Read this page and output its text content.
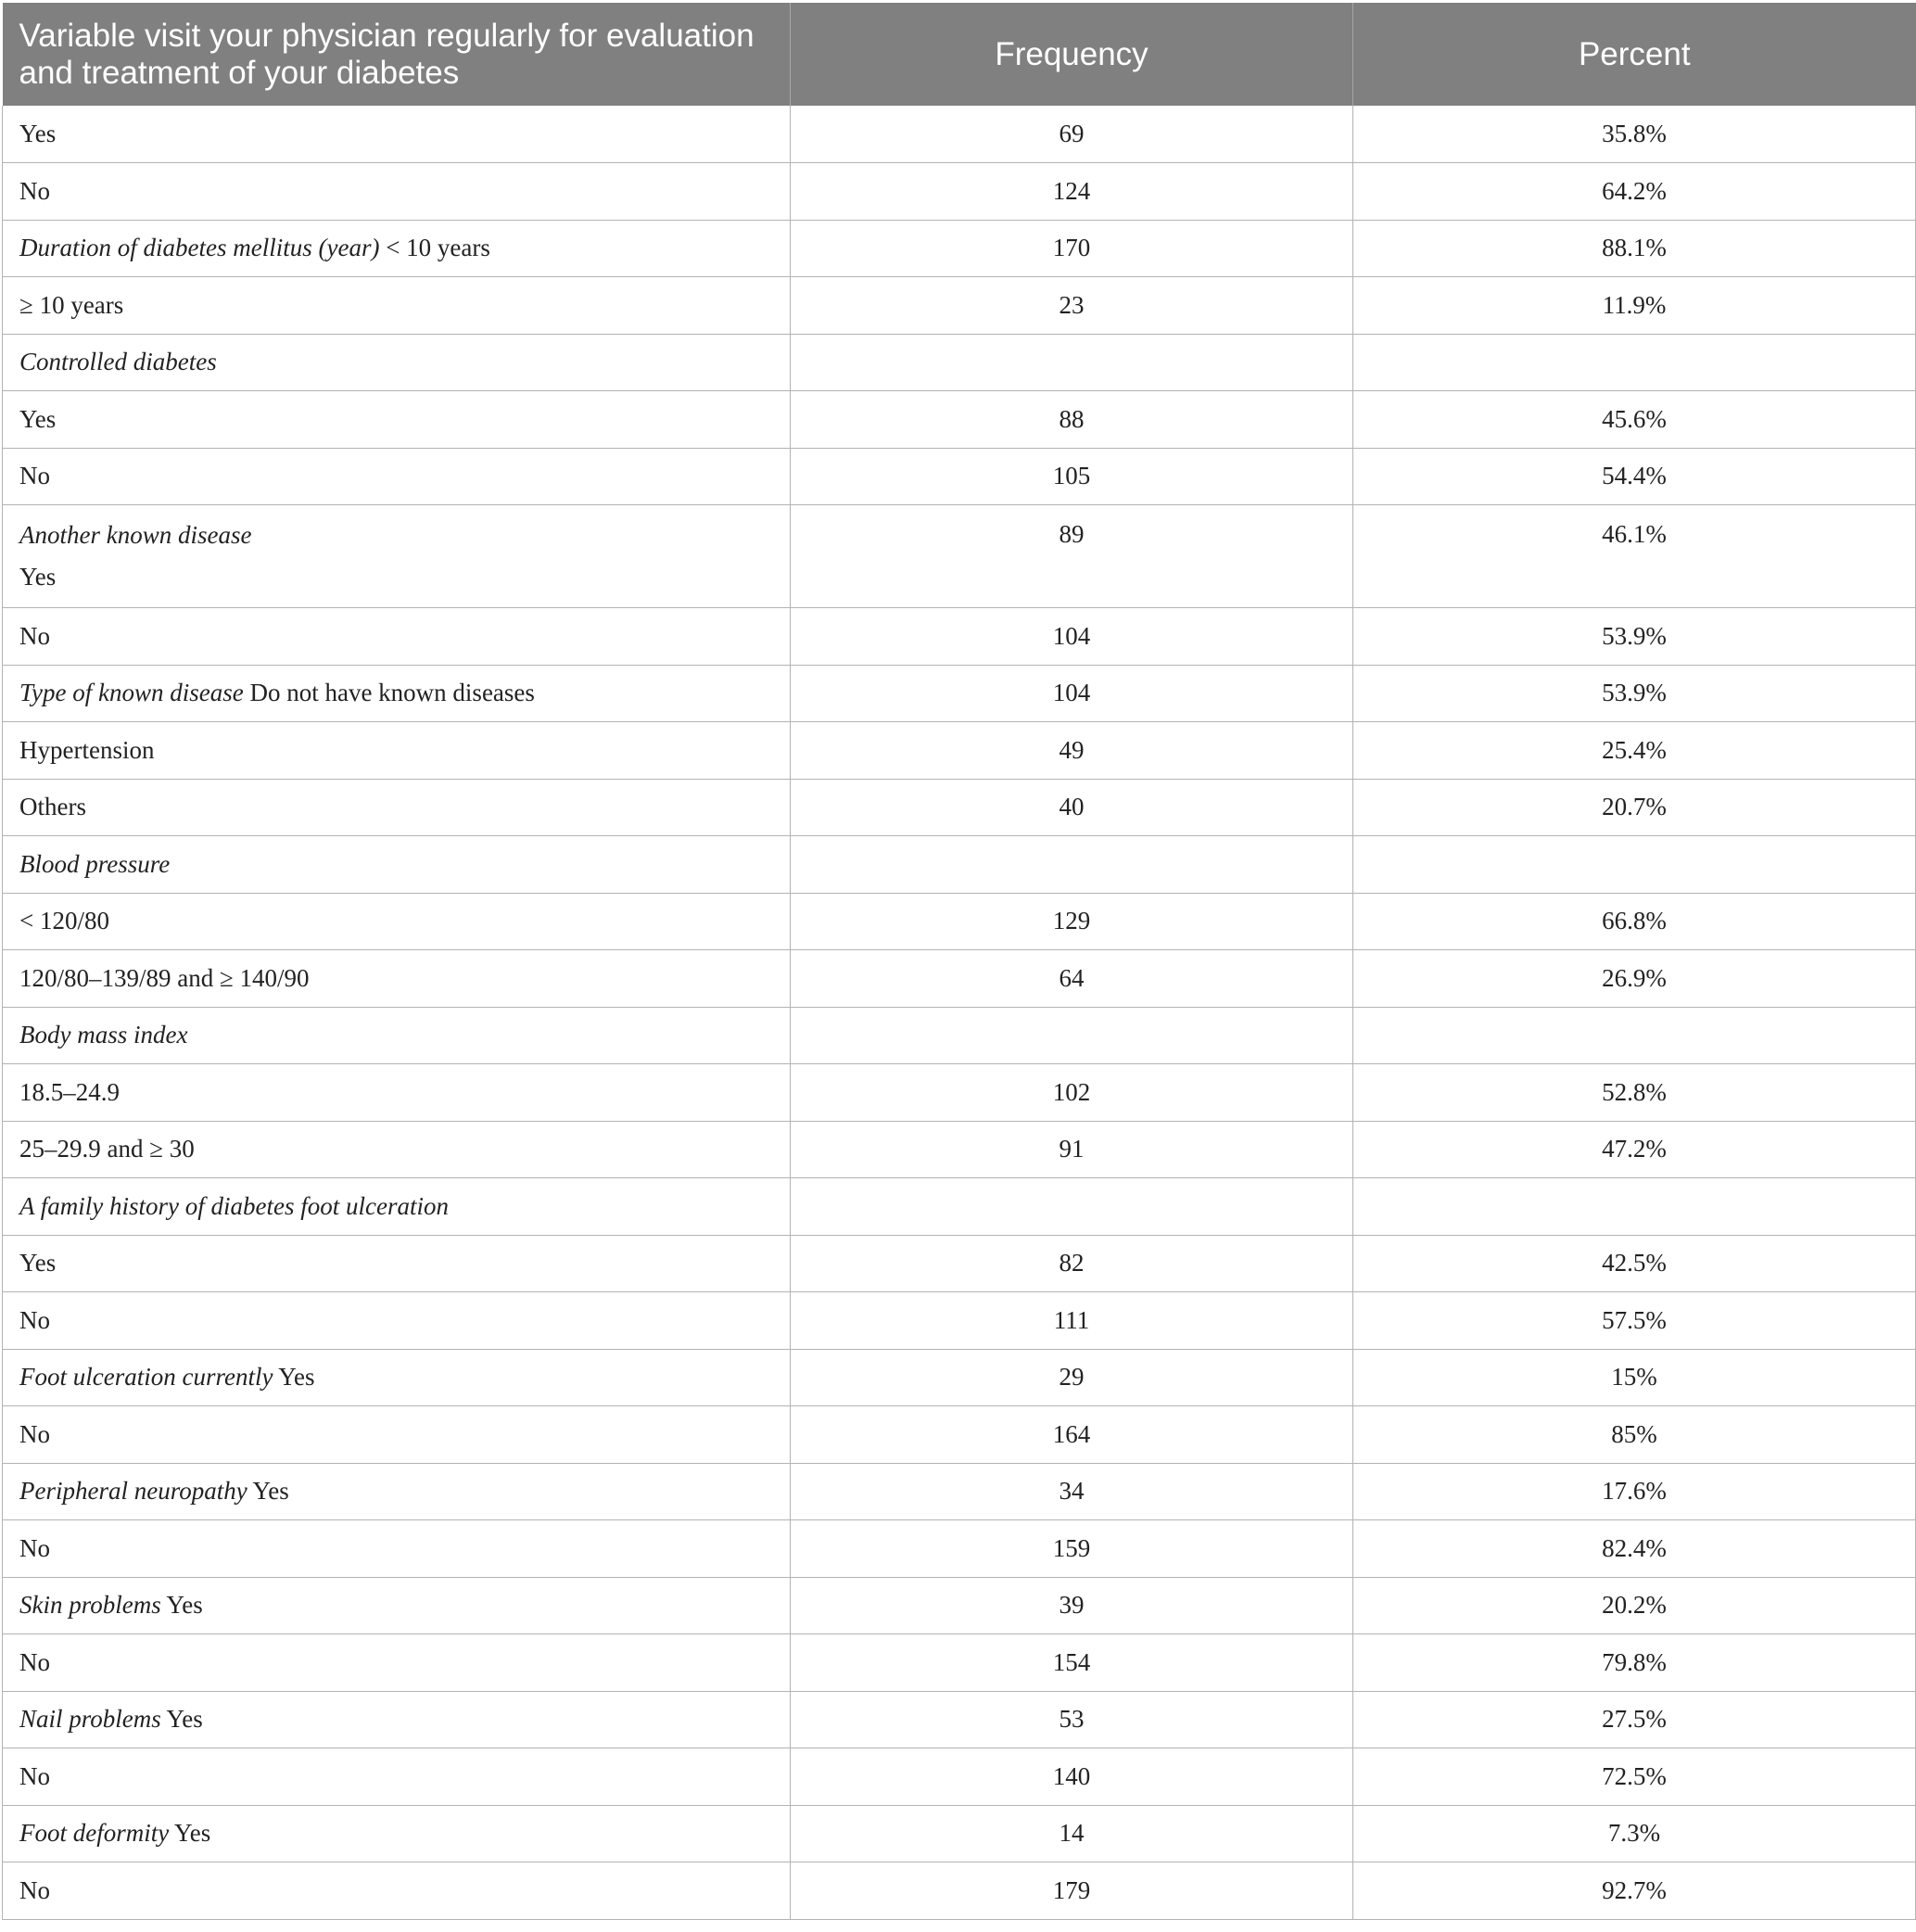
Variable visit your physician regularly for evaluation and treatment of your diabetes	Frequency	Percent
Yes	69	35.8%
No	124	64.2%
Duration of diabetes mellitus (year) < 10 years	170	88.1%
≥ 10 years	23	11.9%
Controlled diabetes		
Yes	88	45.6%
No	105	54.4%
Another known disease
Yes	89	46.1%
No	104	53.9%
Type of known disease Do not have known diseases	104	53.9%
Hypertension	49	25.4%
Others	40	20.7%
Blood pressure		
< 120/80	129	66.8%
120/80–139/89 and ≥ 140/90	64	26.9%
Body mass index		
18.5–24.9	102	52.8%
25–29.9 and ≥ 30	91	47.2%
A family history of diabetes foot ulceration		
Yes	82	42.5%
No	111	57.5%
Foot ulceration currently Yes	29	15%
No	164	85%
Peripheral neuropathy Yes	34	17.6%
No	159	82.4%
Skin problems Yes	39	20.2%
No	154	79.8%
Nail problems Yes	53	27.5%
No	140	72.5%
Foot deformity Yes	14	7.3%
No	179	92.7%
